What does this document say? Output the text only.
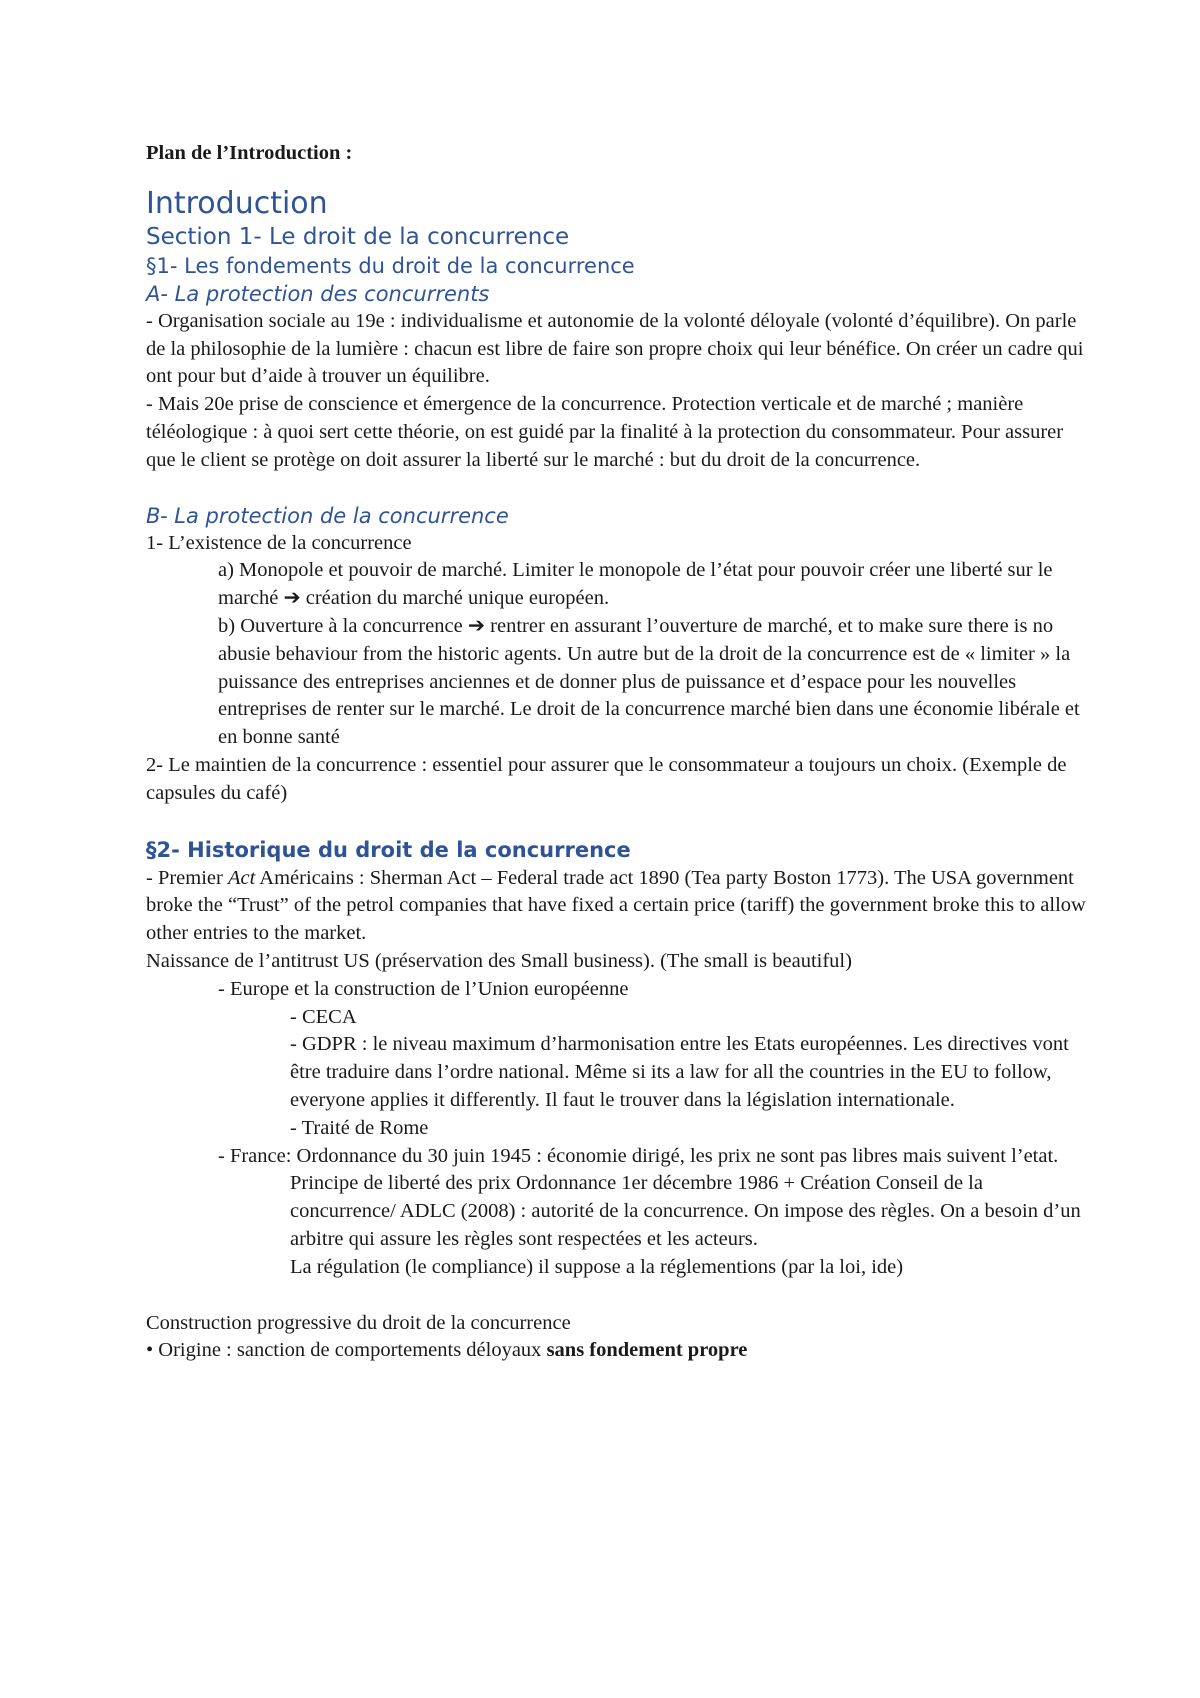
Plan de l’Introduction :

Introduction

Section 1- Le droit de la concurrence

§1- Les fondements du droit de la concurrence

A- La protection des concurrents

- Organisation sociale au 19e : individualisme et autonomie de la volonté déloyale (volonté d’équilibre). On parle de la philosophie de la lumière : chacun est libre de faire son propre choix qui leur bénéfice. On créer un cadre qui ont pour but d’aide à trouver un équilibre.

- Mais 20e prise de conscience et émergence de la concurrence. Protection verticale et de marché ; manière téléologique : à quoi sert cette théorie, on est guidé par la finalité à la protection du consommateur. Pour assurer que le client se protège on doit assurer la liberté sur le marché : but du droit de la concurrence.

B- La protection de la concurrence

1- L’existence de la concurrence

a) Monopole et pouvoir de marché. Limiter le monopole de l’état pour pouvoir créer une liberté sur le marché ➔ création du marché unique européen.

b) Ouverture à la concurrence ➔ rentrer en assurant l’ouverture de marché, et to make sure there is no abusie behaviour from the historic agents. Un autre but de la droit de la concurrence est de « limiter » la puissance des entreprises anciennes et de donner plus de puissance et d’espace pour les nouvelles entreprises de renter sur le marché. Le droit de la concurrence marché bien dans une économie libérale et en bonne santé

2- Le maintien de la concurrence : essentiel pour assurer que le consommateur a toujours un choix. (Exemple de capsules du café)

§2- Historique du droit de la concurrence

- Premier Act Américains : Sherman Act – Federal trade act 1890 (Tea party Boston 1773). The USA government broke the “Trust” of the petrol companies that have fixed a certain price (tariff) the government broke this to allow other entries to the market.

Naissance de l’antitrust US (préservation des Small business). (The small is beautiful)

- Europe et la construction de l’Union européenne

- CECA

- GDPR : le niveau maximum d’harmonisation entre les Etats européennes. Les directives vont être traduire dans l’ordre national. Même si its a law for all the countries in the EU to follow, everyone applies it differently. Il faut le trouver dans la législation internationale.

- Traité de Rome

- France: Ordonnance du 30 juin 1945 : économie dirigé, les prix ne sont pas libres mais suivent l’etat.

Principe de liberté des prix Ordonnance 1er décembre 1986 + Création Conseil de la concurrence/ ADLC (2008) : autorité de la concurrence. On impose des règles. On a besoin d’un arbitre qui assure les règles sont respectées et les acteurs.

La régulation (le compliance) il suppose a la réglementions (par la loi, ide)

Construction progressive du droit de la concurrence

• Origine : sanction de comportements déloyaux sans fondement propre
